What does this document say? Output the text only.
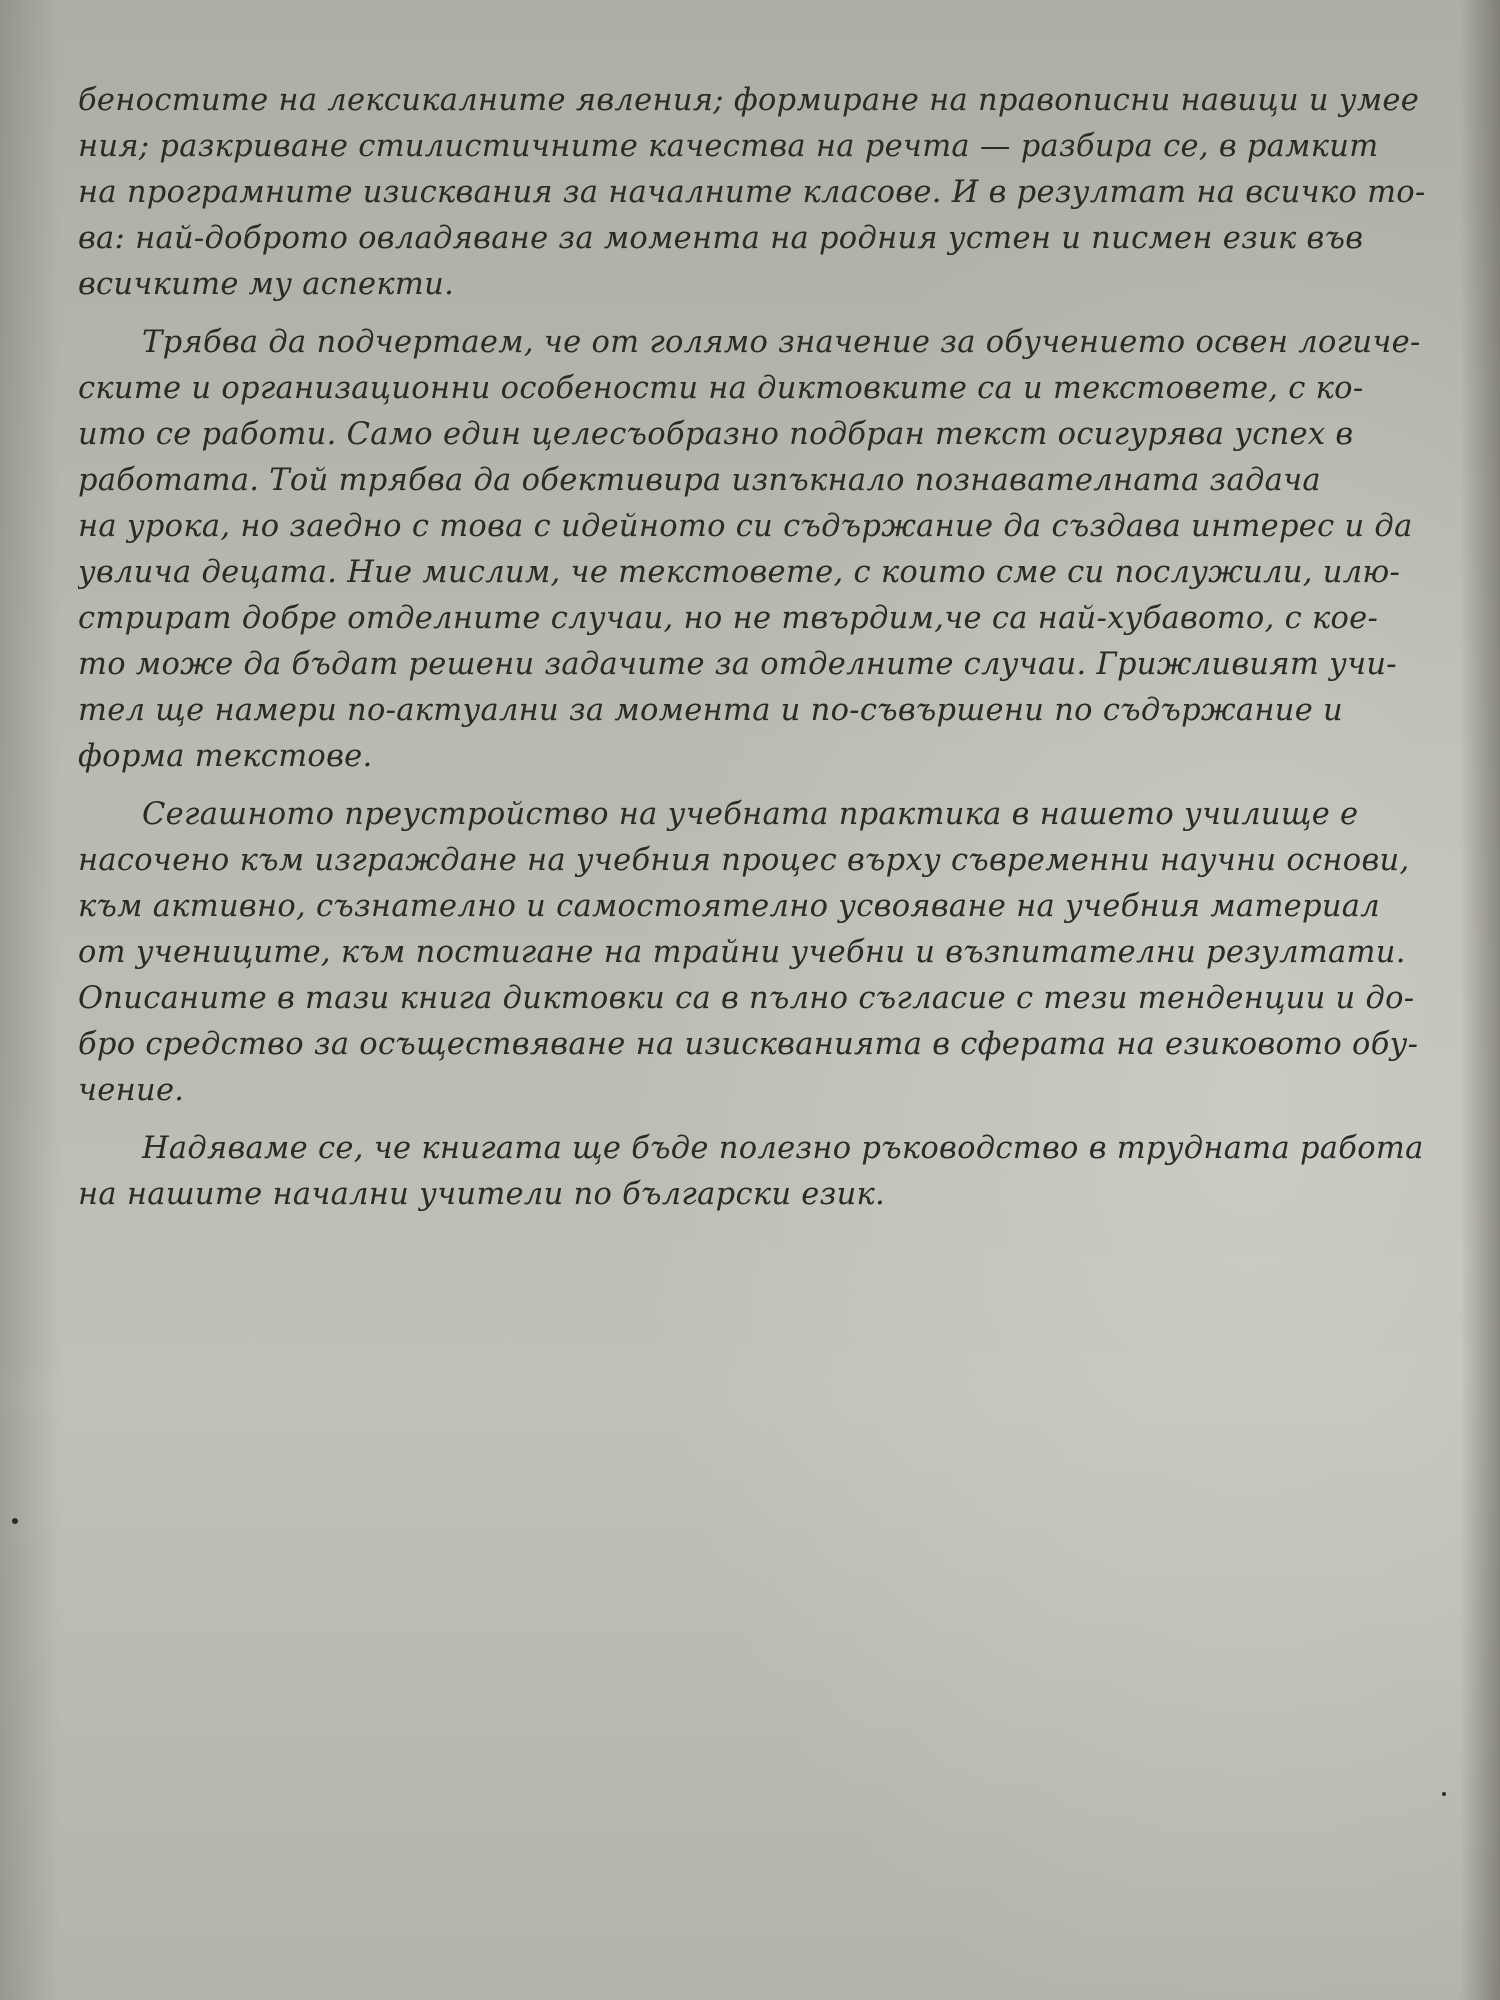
беностите на лексикалните явления; формиране на правописни навици и умее
ния; разкриване стилистичните качества на речта — разбира се, в рамкит
на програмните изисквания за началните класове. И в резултат на всичко то-
ва: най-доброто овладяване за момента на родния устен и писмен език във
всичките му аспекти.
Трябва да подчертаем, че от голямо значение за обучението освен логиче-
ските и организационни особености на диктовките са и текстовете, с ко-
ито се работи. Само един целесъобразно подбран текст осигурява успех в
работата. Той трябва да обективира изпъкнало познавателната задача
на урока, но заедно с това с идейното си съдържание да създава интерес и да
увлича децата. Ние мислим, че текстовете, с които сме си послужили, илю-
стрират добре отделните случаи, но не твърдим,че са най-хубавото, с кое-
то може да бъдат решени задачите за отделните случаи. Грижливият учи-
тел ще намери по-актуални за момента и по-съвършени по съдържание и
форма текстове.
Сегашното преустройство на учебната практика в нашето училище е
насочено към изграждане на учебния процес върху съвременни научни основи,
към активно, съзнателно и самостоятелно усвояване на учебния материал
от учениците, към постигане на трайни учебни и възпитателни резултати.
Описаните в тази книга диктовки са в пълно съгласие с тези тенденции и до-
бро средство за осъществяване на изискванията в сферата на езиковото обу-
чение.
Надяваме се, че книгата ще бъде полезно ръководство в трудната работа
на нашите начални учители по български език.
